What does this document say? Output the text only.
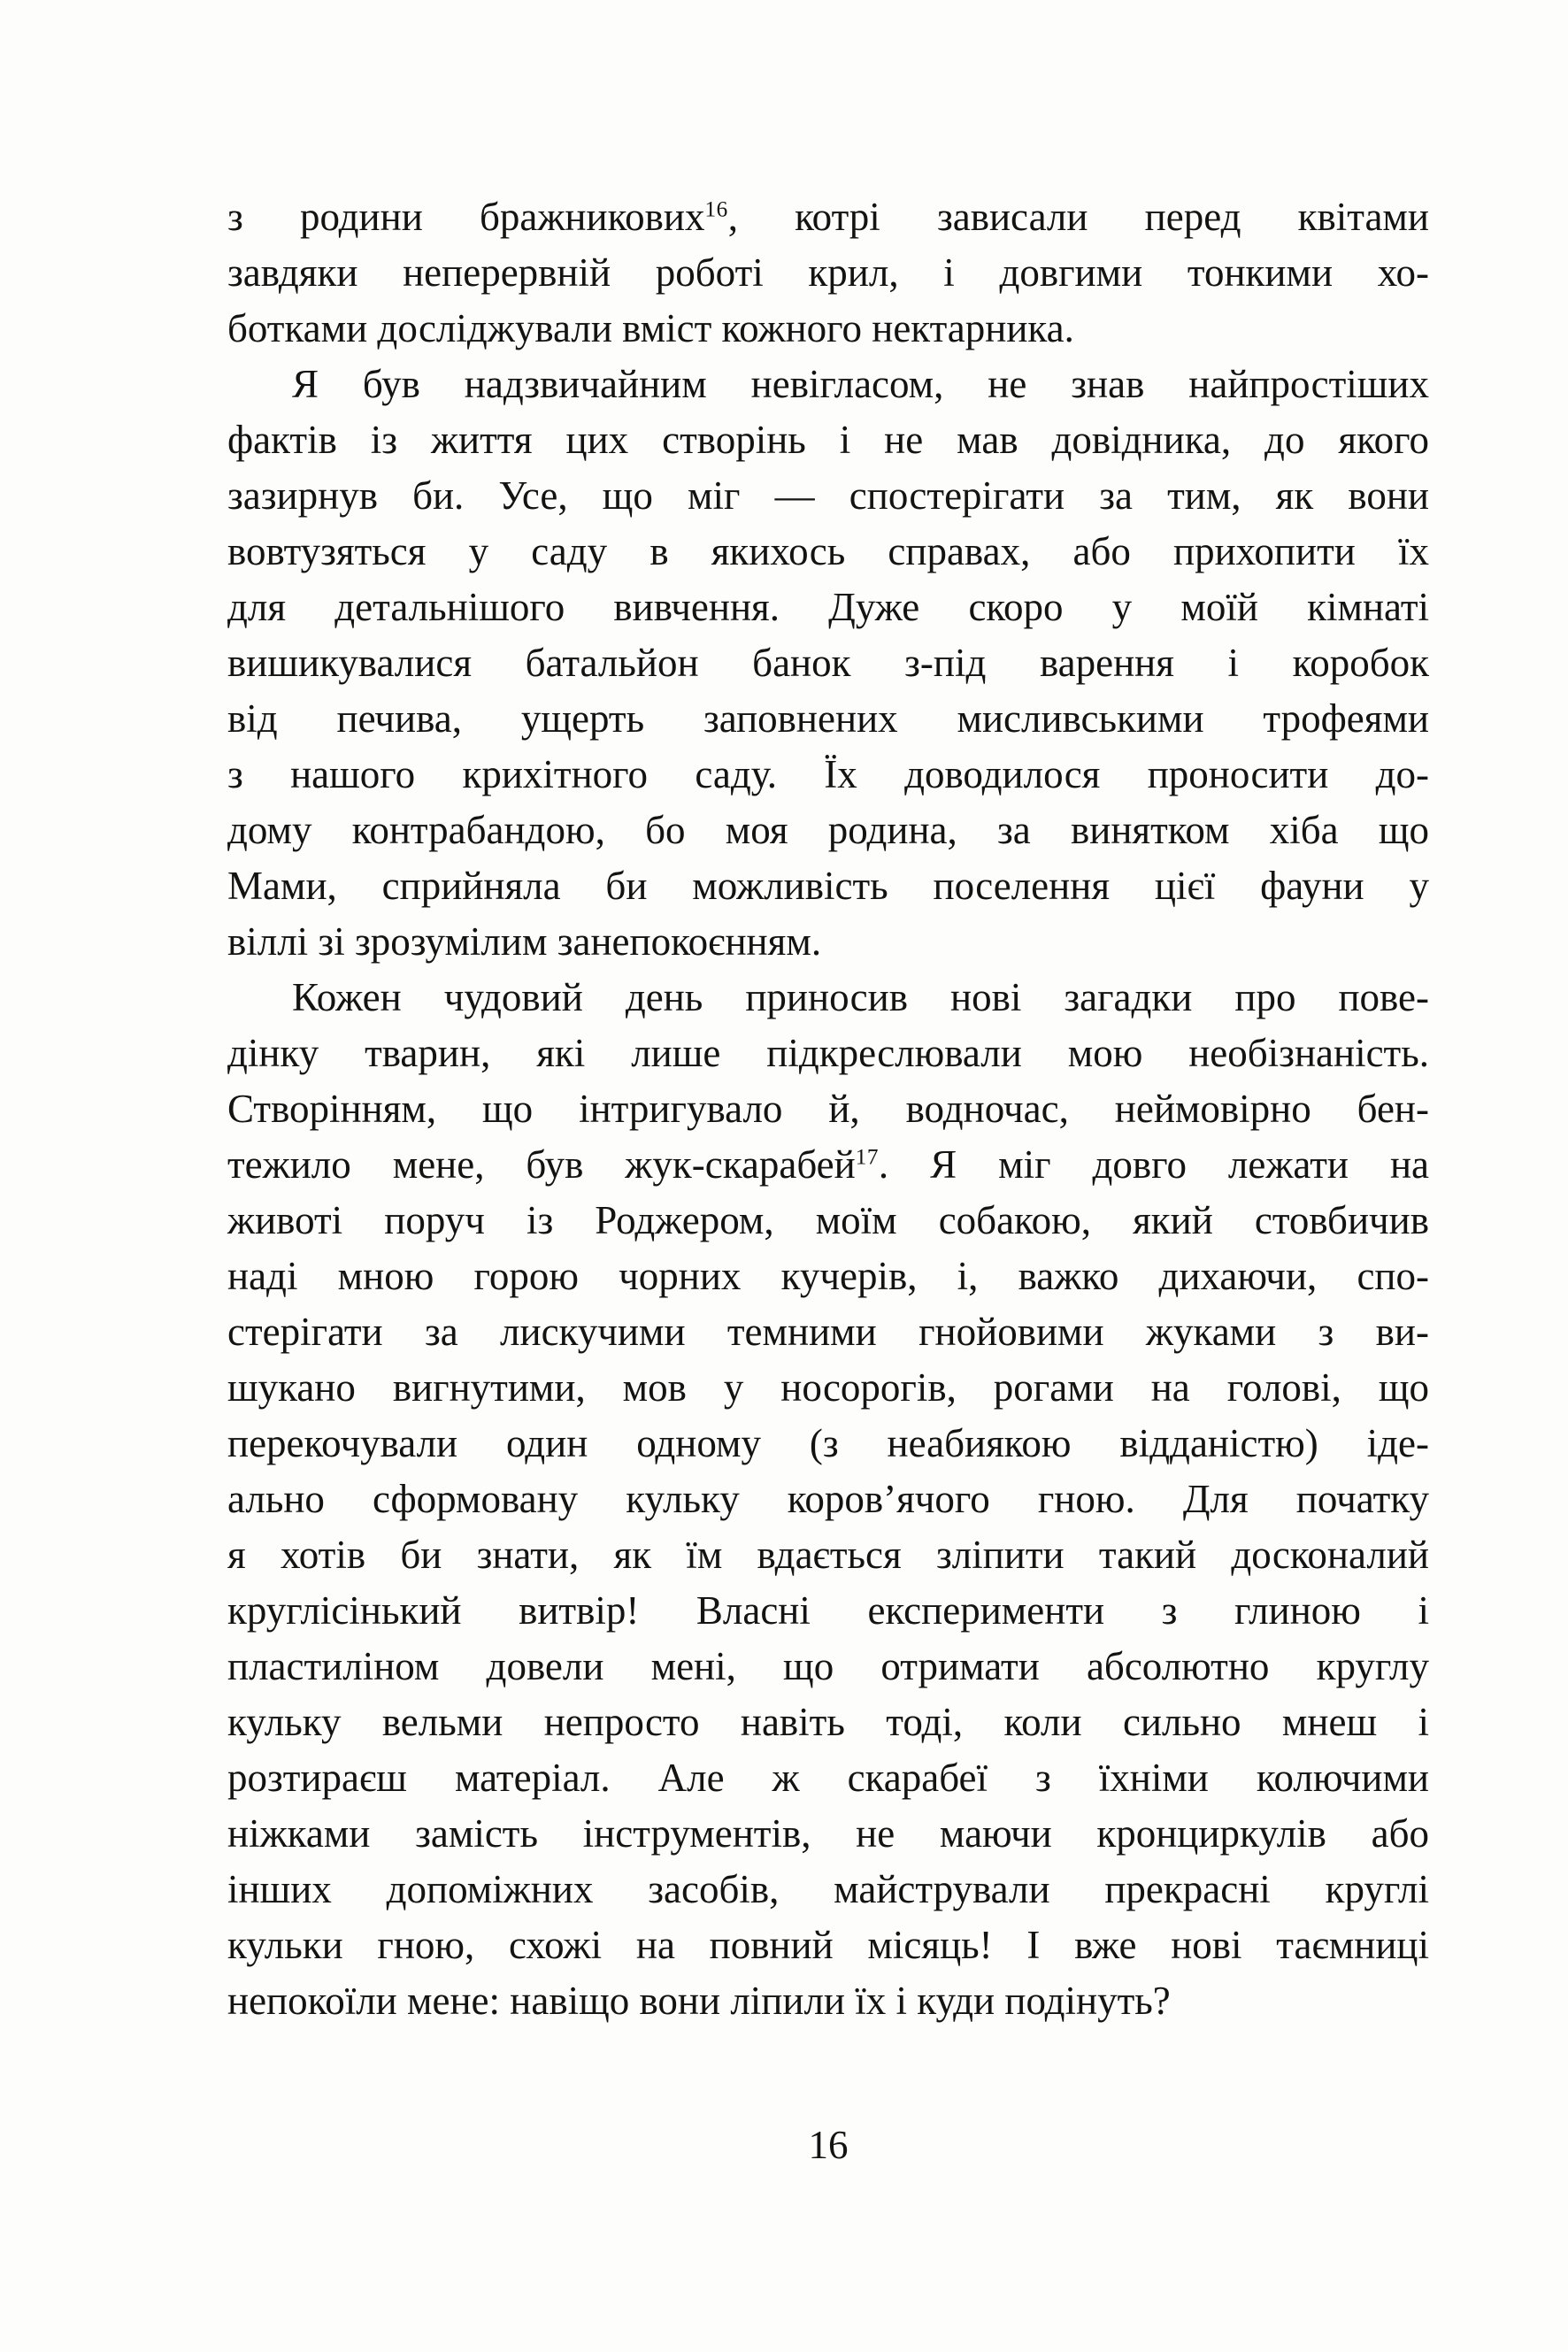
з родини бражникових$^{16}$, котрі зависали перед квітами
завдяки неперервній роботі крил, і довгими тонкими хо-
ботками досліджували вміст кожного нектарника.
Я був надзвичайним невігласом, не знав найпростіших
фактів із життя цих створінь і не мав довідника, до якого
зазирнув би. Усе, що міг — спостерігати за тим, як вони
вовтузяться у саду в якихось справах, або прихопити їх
для детальнішого вивчення. Дуже скоро у моїй кімнаті
вишикувалися батальйон банок з-під варення і коробок
від печива, ущерть заповнених мисливськими трофеями
з нашого крихітного саду. Їх доводилося проносити до-
дому контрабандою, бо моя родина, за винятком хіба що
Мами, сприйняла би можливість поселення цієї фауни у
віллі зі зрозумілим занепокоєнням.
Кожен чудовий день приносив нові загадки про пове-
дінку тварин, які лише підкреслювали мою необізнаність.
Створінням, що інтригувало й, водночас, неймовірно бен-
тежило мене, був жук-скарабей$^{17}$. Я міг довго лежати на
животі поруч із Роджером, моїм собакою, який стовбичив
наді мною горою чорних кучерів, і, важко дихаючи, спо-
стерігати за лискучими темними гнойовими жуками з ви-
шукано вигнутими, мов у носорогів, рогами на голові, що
перекочували один одному (з неабиякою відданістю) іде-
ально сформовану кульку коров’ячого гною. Для початку
я хотів би знати, як їм вдається зліпити такий досконалий
круглісінький витвір! Власні експерименти з глиною і
пластиліном довели мені, що отримати абсолютно круглу
кульку вельми непросто навіть тоді, коли сильно мнеш і
розтираєш матеріал. Але ж скарабеї з їхніми колючими
ніжками замість інструментів, не маючи кронциркулів або
інших допоміжних засобів, майстрували прекрасні круглі
кульки гною, схожі на повний місяць! І вже нові таємниці
непокоїли мене: навіщо вони ліпили їх і куди подінуть?
16
